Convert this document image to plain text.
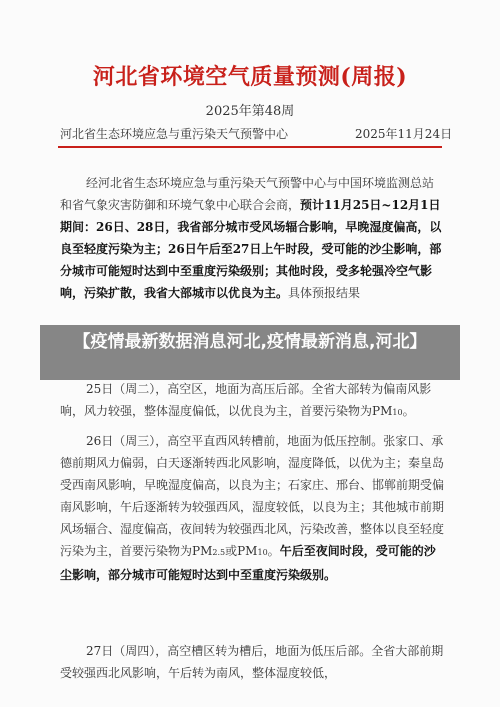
河北省环境空气质量预测(周报)
2025年第48周
河北省生态环境应急与重污染天气预警中心	2025年11月24日
经河北省生态环境应急与重污染天气预警中心与中国环境监测总站和省气象灾害防御和环境气象中心联合会商，预计11月25日~12月1日期间：26日、28日，我省部分城市受风场辐合影响，早晚湿度偏高，以良至轻度污染为主；26日午后至27日上午时段，受可能的沙尘影响，部分城市可能短时达到中至重度污染级别；其他时段，受多轮强冷空气影响，污染扩散，我省大部城市以优良为主。具体预报结果
25日（周二），高空区，地面为高压后部。全省大部转为偏南风影响，风力较强，整体湿度偏低，以优良为主，首要污染物为PM10。
26日（周三），高空平直西风转槽前，地面为低压控制。张家口、承德前期风力偏弱，白天逐渐转西北风影响，湿度降低，以优为主；秦皇岛受西南风影响，早晚湿度偏高，以良为主；石家庄、邢台、邯郸前期受偏南风影响，午后逐渐转为较强西风，湿度较低，以良为主；其他城市前期风场辐合、湿度偏高，夜间转为较强西北风，污染改善，整体以良至轻度污染为主，首要污染物为PM2.5或PM10。午后至夜间时段，受可能的沙尘影响，部分城市可能短时达到中至重度污染级别。
27日（周四），高空槽区转为槽后，地面为低压后部。全省大部前期受较强西北风影响，午后转为南风，整体湿度较低，
【疫情最新数据消息河北,疫情最新消息,河北】
